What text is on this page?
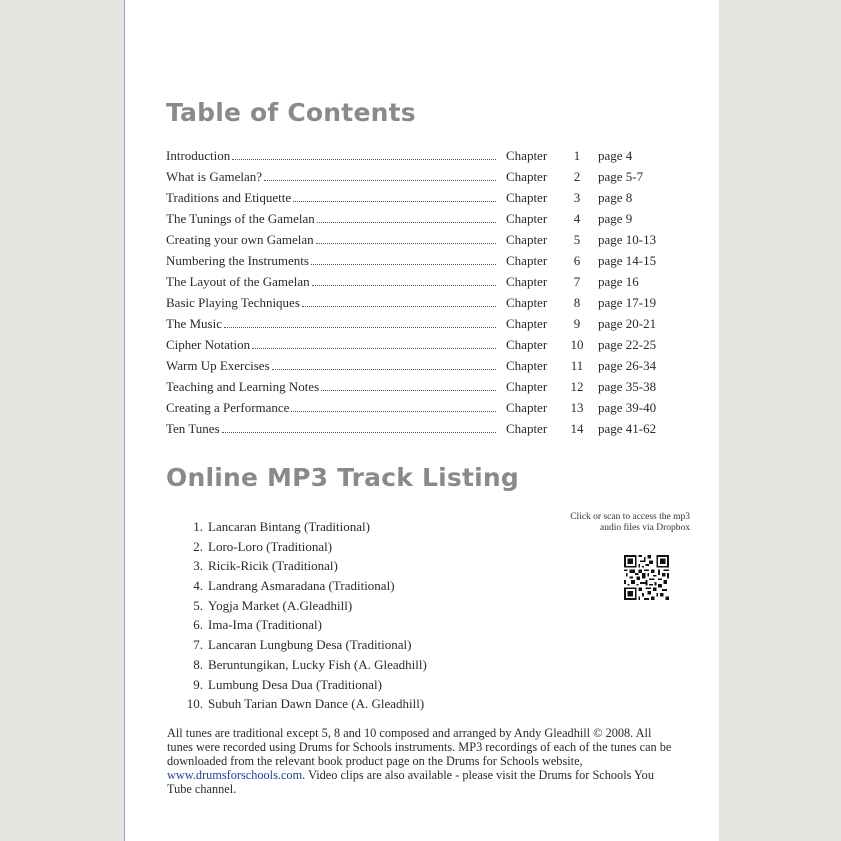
Table of Contents
Introduction	Chapter	1	page 4
What is Gamelan?	Chapter	2	page 5-7
Traditions and Etiquette	Chapter	3	page 8
The Tunings of the Gamelan	Chapter	4	page 9
Creating your own Gamelan	Chapter	5	page 10-13
Numbering the Instruments	Chapter	6	page 14-15
The Layout of the Gamelan	Chapter	7	page 16
Basic Playing Techniques	Chapter	8	page 17-19
The Music	Chapter	9	page 20-21
Cipher Notation	Chapter	10	page 22-25
Warm Up Exercises	Chapter	11	page 26-34
Teaching and Learning Notes	Chapter	12	page 35-38
Creating a Performance	Chapter	13	page 39-40
Ten Tunes	Chapter	14	page 41-62
Online MP3 Track Listing
1. Lancaran Bintang (Traditional)
2. Loro-Loro (Traditional)
3. Ricik-Ricik (Traditional)
4. Landrang Asmaradana (Traditional)
5. Yogja Market (A.Gleadhill)
6. Ima-Ima (Traditional)
7. Lancaran Lungbung Desa (Traditional)
8. Beruntungikan, Lucky Fish (A. Gleadhill)
9. Lumbung Desa Dua (Traditional)
10. Subuh Tarian Dawn Dance (A. Gleadhill)
Click or scan to access the mp3
audio files via Dropbox
All tunes are traditional except 5, 8 and 10 composed and arranged by Andy Gleadhill © 2008. All tunes were recorded using Drums for Schools instruments. MP3 recordings of each of the tunes can be downloaded from the relevant book product page on the Drums for Schools website, www.drumsforschools.com. Video clips are also available - please visit the Drums for Schools You Tube channel.
